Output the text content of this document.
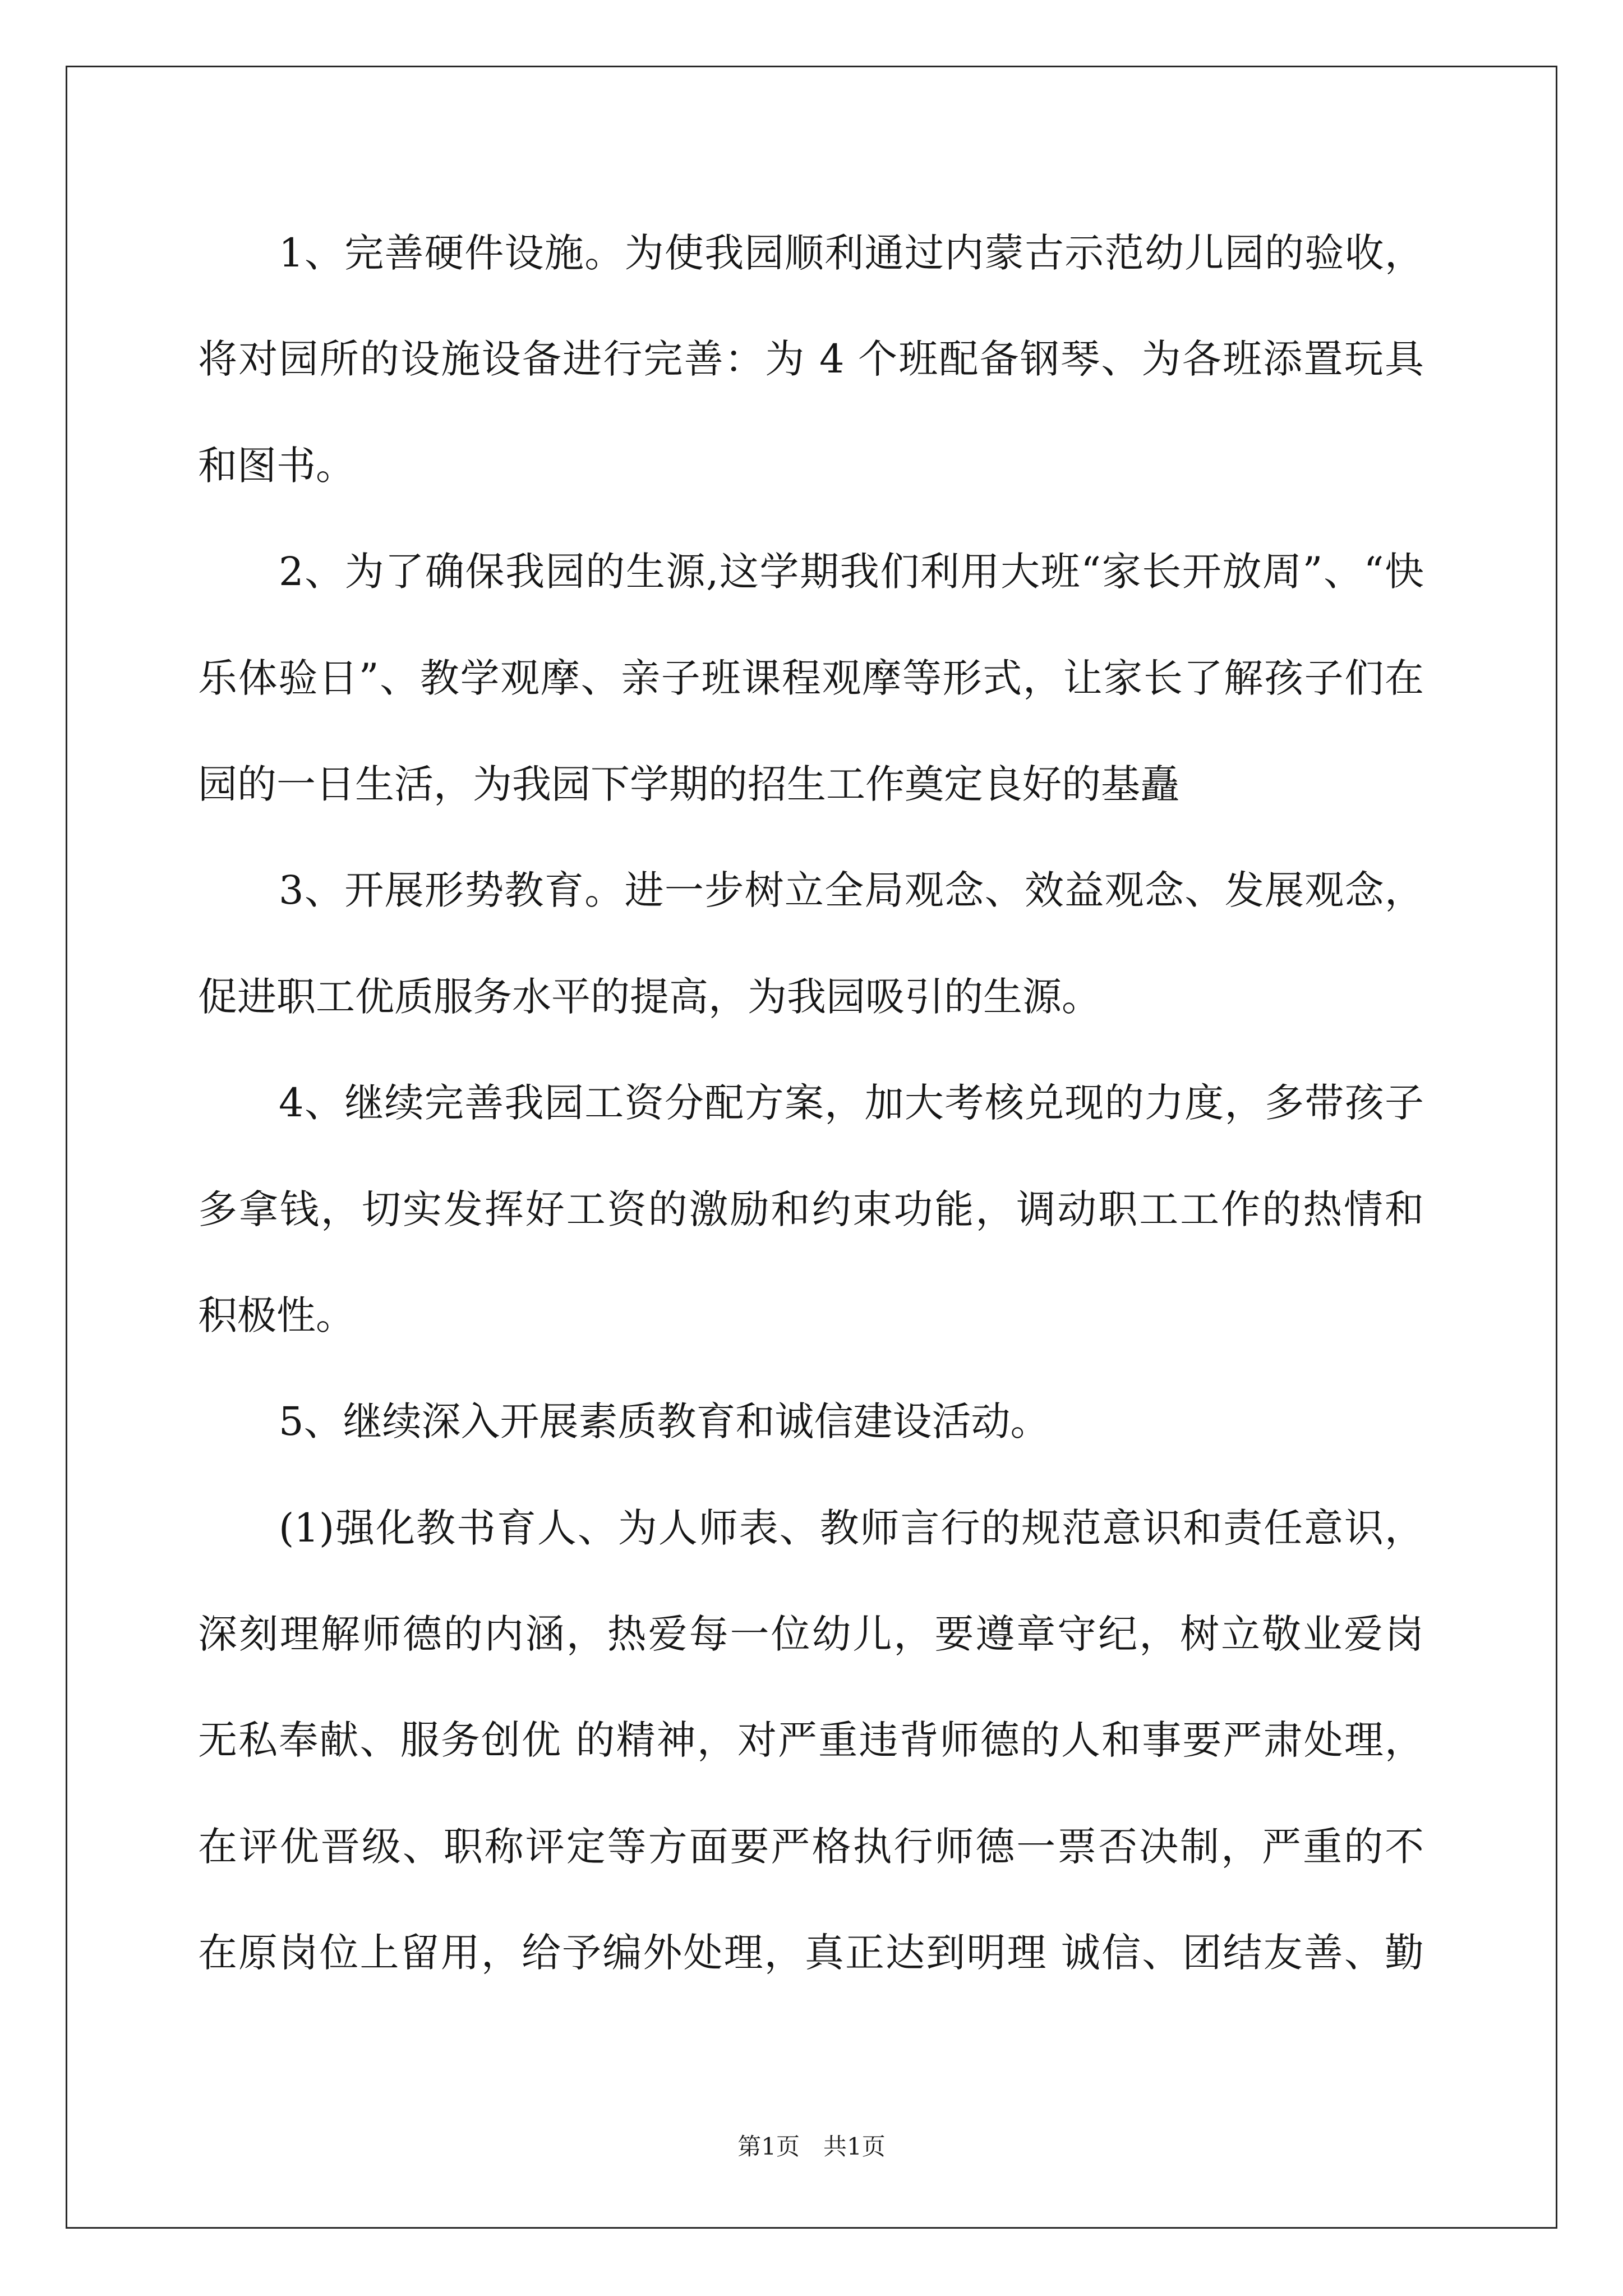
1、完善硬件设施。为使我园顺利通过内蒙古示范幼儿园的验收，
将对园所的设施设备进行完善：为 4 个班配备钢琴、为各班添置玩具
和图书。
2、为了确保我园的生源,这学期我们利用大班“家长开放周”、“快
乐体验日”、教学观摩、亲子班课程观摩等形式，让家长了解孩子们在
园的一日生活，为我园下学期的招生工作奠定良好的基矗
3、开展形势教育。进一步树立全局观念、效益观念、发展观念，
促进职工优质服务水平的提高，为我园吸引的生源。
4、继续完善我园工资分配方案，加大考核兑现的力度，多带孩子
多拿钱，切实发挥好工资的激励和约束功能，调动职工工作的热情和
积极性。
5、继续深入开展素质教育和诚信建设活动。
(1)强化教书育人、为人师表、教师言行的规范意识和责任意识，
深刻理解师德的内涵，热爱每一位幼儿，要遵章守纪，树立敬业爱岗
无私奉献、服务创优 的精神，对严重违背师德的人和事要严肃处理，
在评优晋级、职称评定等方面要严格执行师德一票否决制，严重的不
在原岗位上留用，给予编外处理，真正达到明理 诚信、团结友善、勤
第1页　共1页
